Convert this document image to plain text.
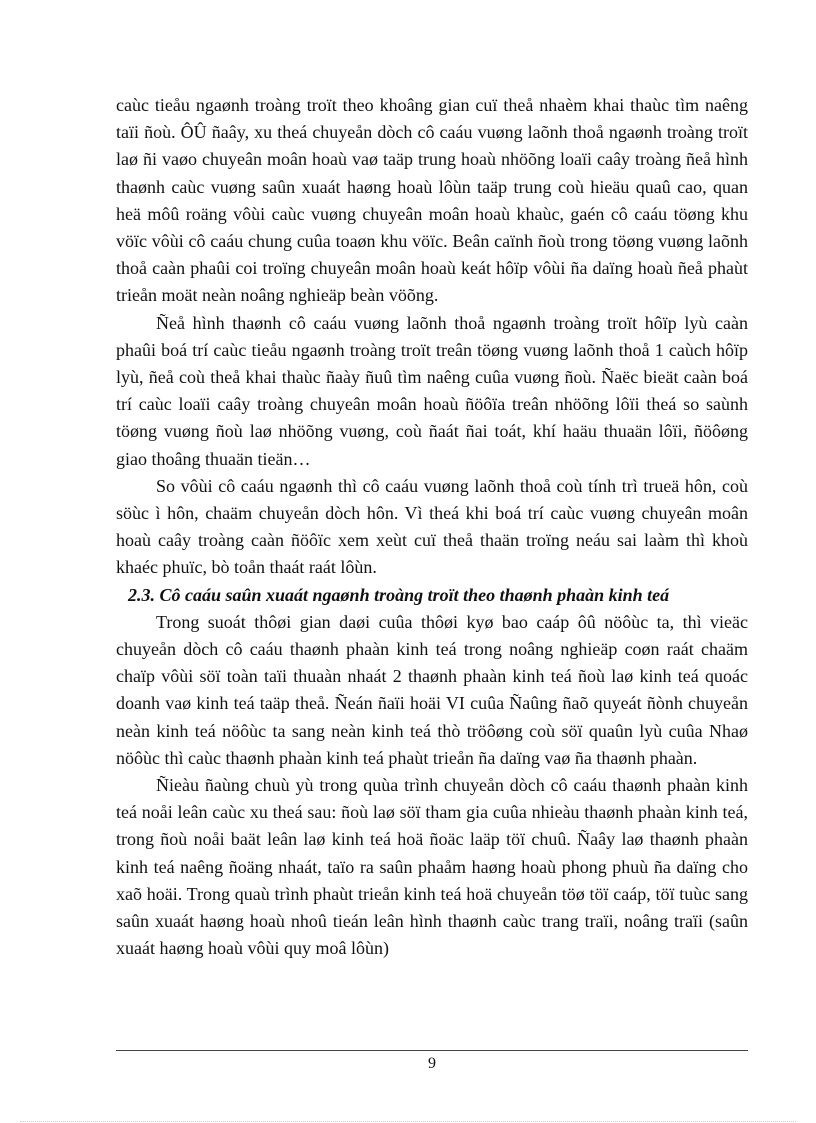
caùc tieåu ngaønh troàng troït theo khoâng gian cuï theå nhaèm khai thaùc tìm naêng taïi ñoù. ÔÛ ñaây, xu theá chuyeån dòch cô caáu vuøng laõnh thoå ngaønh troàng troït laø ñi vaøo chuyeân moân hoaù vaø taäp trung hoaù nhöõng loaïi caây troàng ñeå hình thaønh caùc vuøng saûn xuaát haøng hoaù lôùn taäp trung coù hieäu quaû cao, quan heä môû roäng vôùi caùc vuøng chuyeân moân hoaù khaùc, gaén cô caáu töøng khu vöïc vôùi cô caáu chung cuûa toaøn khu vöïc. Beân caïnh ñoù trong töøng vuøng laõnh thoå caàn phaûi coi troïng chuyeân moân hoaù keát hôïp vôùi ña daïng hoaù ñeå phaùt trieån moät neàn noâng nghieäp beàn vöõng.

Ñeå hình thaønh cô caáu vuøng laõnh thoå ngaønh troàng troït hôïp lyù caàn phaûi boá trí caùc tieåu ngaønh troàng troït treân töøng vuøng laõnh thoå 1 caùch hôïp lyù, ñeå coù theå khai thaùc ñaày ñuû tìm naêng cuûa vuøng ñoù. Ñaëc bieät caàn boá trí caùc loaïi caây troàng chuyeân moân hoaù ñöôïa treân nhöõng lôïi theá so saùnh töøng vuøng ñoù laø nhöõng vuøng, coù ñaát ñai toát, khí haäu thuaän lôïi, ñöôøng giao thoâng thuaän tieän…

So vôùi cô caáu ngaønh thì cô caáu vuøng laõnh thoå coù tính trì truеä hôn, coù söùc ì hôn, chaäm chuyeån dòch hôn. Vì theá khi boá trí caùc vuøng chuyeân moân hoaù caây troàng caàn ñöôïc xem xeùt cuï theå thaän troïng neáu sai laàm thì khoù khaéc phuïc, bò toån thaát raát lôùn.

2.3. Cô caáu saûn xuaát ngaønh troàng troït theo thaønh phaàn kinh teá

Trong suoát thôøi gian daøi cuûa thôøi kyø bao caáp ôû nöôùc ta, thì vieäc chuyeån dòch cô caáu thaønh phaàn kinh teá trong noâng nghieäp coøn raát chaäm chaïp vôùi söï toàn taïi thuaàn nhaát 2 thaønh phaàn kinh teá ñoù laø kinh teá quoác doanh vaø kinh teá taäp theå. Ñeán ñaïi hoäi VI cuûa Ñaûng ñaõ quyeát ñònh chuyeån neàn kinh teá nöôùc ta sang neàn kinh teá thò tröôøng coù söï quaûn lyù cuûa Nhaø nöôùc thì caùc thaønh phaàn kinh teá phaùt trieån ña daïng vaø ña thaønh phaàn.

Ñieàu ñaùng chuù yù trong quùa trình chuyeån dòch cô caáu thaønh phaàn kinh teá noåi leân caùc xu theá sau: ñoù laø söï tham gia cuûa nhieàu thaønh phaàn kinh teá, trong ñoù noåi baät leân laø kinh teá hoä ñoäc laäp töï chuû. Ñaây laø thaønh phaàn kinh teá naêng ñoäng nhaát, taïo ra saûn phaåm haøng hoaù phong phuù ña daïng cho xaõ hoäi. Trong quaù trình phaùt trieån kinh teá hoä chuyeån töø töï caáp, töï tuùc sang saûn xuaát haøng hoaù nhoû tieán leân hình thaønh caùc trang traïi, noâng traïi (saûn xuaát haøng hoaù vôùi quy moâ lôùn)

9
